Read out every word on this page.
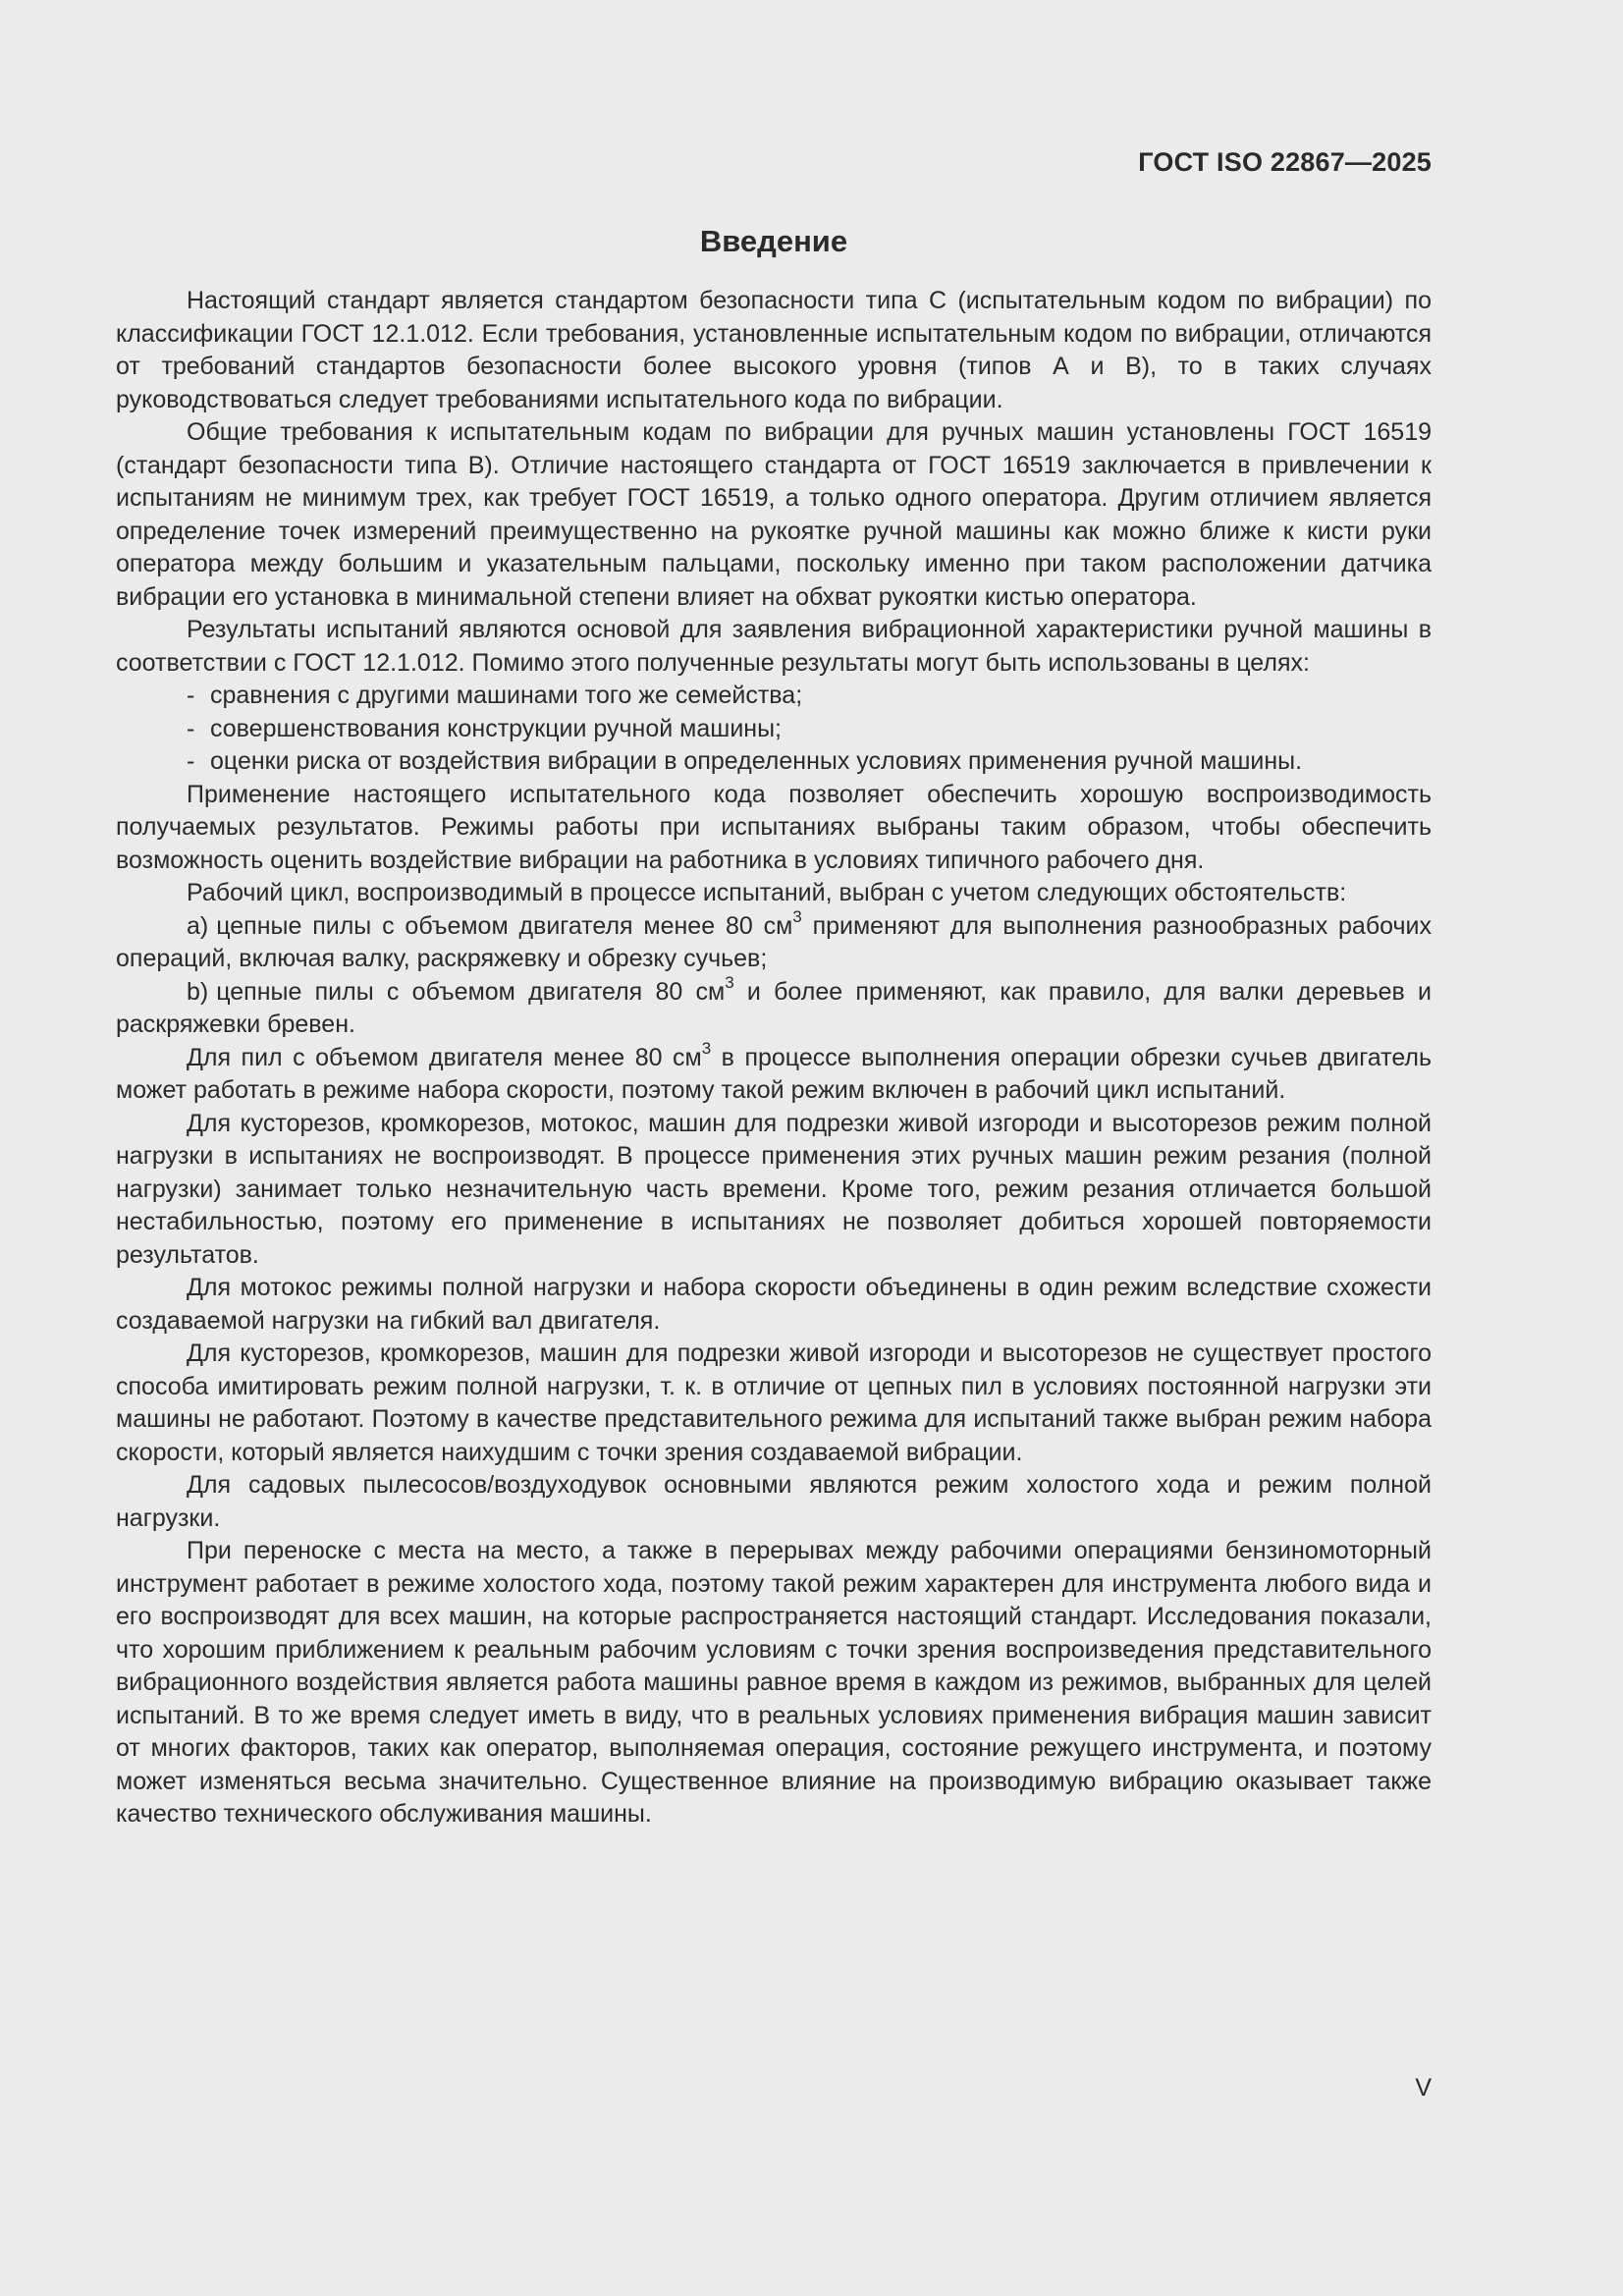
ГОСТ ISO 22867—2025
Введение

Настоящий стандарт является стандартом безопасности типа С (испытательным кодом по вибрации) по классификации ГОСТ 12.1.012. Если требования, установленные испытательным кодом по вибрации, отличаются от требований стандартов безопасности более высокого уровня (типов А и В), то в таких случаях руководствоваться следует требованиями испытательного кода по вибрации.

Общие требования к испытательным кодам по вибрации для ручных машин установлены ГОСТ 16519 (стандарт безопасности типа В). Отличие настоящего стандарта от ГОСТ 16519 заключается в привлечении к испытаниям не минимум трех, как требует ГОСТ 16519, а только одного оператора. Другим отличием является определение точек измерений преимущественно на рукоятке ручной машины как можно ближе к кисти руки оператора между большим и указательным пальцами, поскольку именно при таком расположении датчика вибрации его установка в минимальной степени влияет на обхват рукоятки кистью оператора.

Результаты испытаний являются основой для заявления вибрационной характеристики ручной машины в соответствии с ГОСТ 12.1.012. Помимо этого полученные результаты могут быть использованы в целях:

- сравнения с другими машинами того же семейства;
- совершенствования конструкции ручной машины;
- оценки риска от воздействия вибрации в определенных условиях применения ручной машины.

Применение настоящего испытательного кода позволяет обеспечить хорошую воспроизводимость получаемых результатов. Режимы работы при испытаниях выбраны таким образом, чтобы обеспечить возможность оценить воздействие вибрации на работника в условиях типичного рабочего дня.

Рабочий цикл, воспроизводимый в процессе испытаний, выбран с учетом следующих обстоятельств:

a) цепные пилы с объемом двигателя менее 80 $см^3$ применяют для выполнения разнообразных рабочих операций, включая валку, раскряжевку и обрезку сучьев;

b) цепные пилы с объемом двигателя 80 $см^3$ и более применяют, как правило, для валки деревьев и раскряжевки бревен.

Для пил с объемом двигателя менее 80 $см^3$ в процессе выполнения операции обрезки сучьев двигатель может работать в режиме набора скорости, поэтому такой режим включен в рабочий цикл испытаний.

Для кусторезов, кромкорезов, мотокос, машин для подрезки живой изгороди и высоторезов режим полной нагрузки в испытаниях не воспроизводят. В процессе применения этих ручных машин режим резания (полной нагрузки) занимает только незначительную часть времени. Кроме того, режим резания отличается большой нестабильностью, поэтому его применение в испытаниях не позволяет добиться хорошей повторяемости результатов.

Для мотокос режимы полной нагрузки и набора скорости объединены в один режим вследствие схожести создаваемой нагрузки на гибкий вал двигателя.

Для кусторезов, кромкорезов, машин для подрезки живой изгороди и высоторезов не существует простого способа имитировать режим полной нагрузки, т. к. в отличие от цепных пил в условиях постоянной нагрузки эти машины не работают. Поэтому в качестве представительного режима для испытаний также выбран режим набора скорости, который является наихудшим с точки зрения создаваемой вибрации.

Для садовых пылесосов/воздуходувок основными являются режим холостого хода и режим полной нагрузки.

При переноске с места на место, а также в перерывах между рабочими операциями бензиномоторный инструмент работает в режиме холостого хода, поэтому такой режим характерен для инструмента любого вида и его воспроизводят для всех машин, на которые распространяется настоящий стандарт. Исследования показали, что хорошим приближением к реальным рабочим условиям с точки зрения воспроизведения представительного вибрационного воздействия является работа машины равное время в каждом из режимов, выбранных для целей испытаний. В то же время следует иметь в виду, что в реальных условиях применения вибрация машин зависит от многих факторов, таких как оператор, выполняемая операция, состояние режущего инструмента, и поэтому может изменяться весьма значительно. Существенное влияние на производимую вибрацию оказывает также качество технического обслуживания машины.

V
